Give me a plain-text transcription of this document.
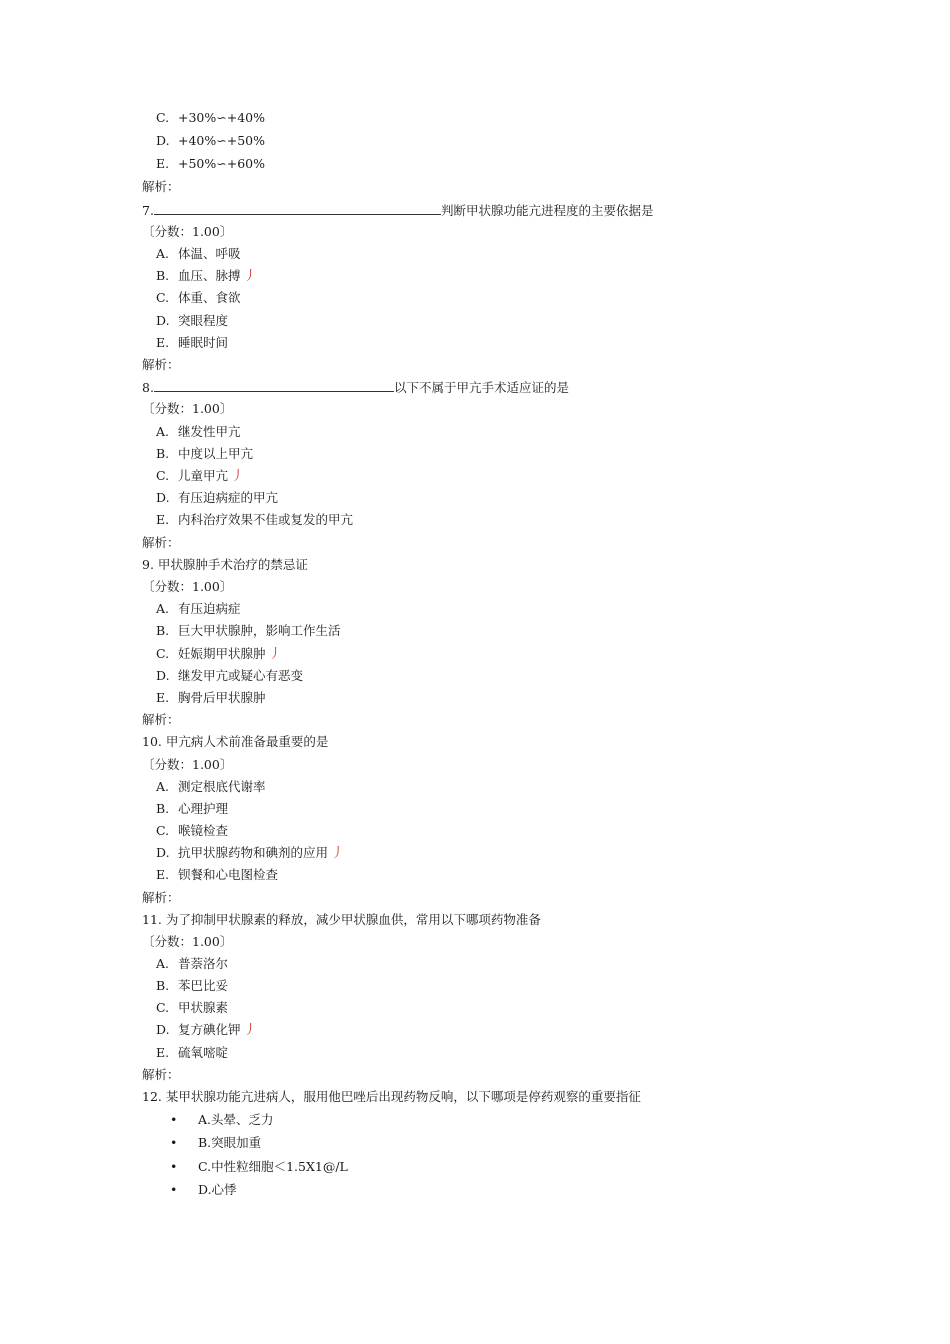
C. +30%∽+40%
D. +40%∽+50%
E. +50%∽+60%
解析：
7.	判断甲状腺功能亢进程度的主要依据是
〔分数：1.00〕
A. 体温、呼吸
B. 血压、脉搏 丿
C. 体重、食欲
D. 突眼程度
E. 睡眠时间
解析：
8.	以下不属于甲亢手术适应证的是
〔分数：1.00〕
A. 继发性甲亢
B. 中度以上甲亢
C. 儿童甲亢 丿
D. 有压迫病症的甲亢
E. 内科治疗效果不佳或复发的甲亢
解析：
9. 甲状腺肿手术治疗的禁忌证
〔分数：1.00〕
A. 有压迫病症
B. 巨大甲状腺肿，影响工作生活
C. 妊娠期甲状腺肿 丿
D. 继发甲亢或疑心有恶变
E. 胸骨后甲状腺肿
解析：
10. 甲亢病人术前准备最重要的是
〔分数：1.00〕
A. 测定根底代谢率
B. 心理护理
C. 喉镜检查
D. 抗甲状腺药物和碘剂的应用 丿
E. 钡餐和心电图检查
解析：
11. 为了抑制甲状腺素的释放，减少甲状腺血供，常用以下哪项药物准备
〔分数：1.00〕
A. 普萘洛尔
B. 苯巴比妥
C. 甲状腺素
D. 复方碘化钾 丿
E. 硫氧嘧啶
解析：
12. 某甲状腺功能亢进病人，服用他巴唑后出现药物反响，以下哪项是停药观察的重要指征
• A.头晕、乏力
• B.突眼加重
• C.中性粒细胞＜1.5X1@/L
• D.心悸
